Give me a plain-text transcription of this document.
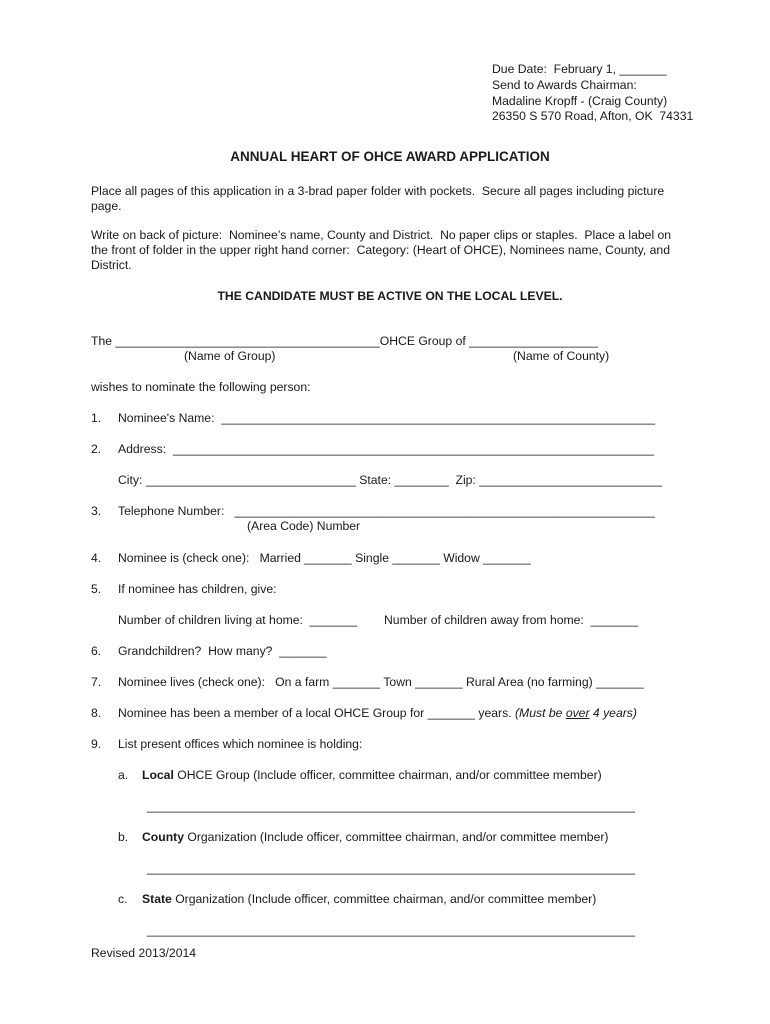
Due Date:  February 1, _______
Send to Awards Chairman:
Madaline Kropff - (Craig County)
26350 S 570 Road, Afton, OK  74331
ANNUAL HEART OF OHCE AWARD APPLICATION
Place all pages of this application in a 3-brad paper folder with pockets.  Secure all pages including picture
page.
Write on back of picture:  Nominee’s name, County and District.  No paper clips or staples.  Place a label on
the front of folder in the upper right hand corner:  Category: (Heart of OHCE), Nominees name, County, and
District.
THE CANDIDATE MUST BE ACTIVE ON THE LOCAL LEVEL.
The _______________________________________OHCE Group of ___________________
(Name of Group)	(Name of County)
wishes to nominate the following person:
1. Nominee's Name:  ________________________________________________________________
2. Address:  _______________________________________________________________________
City: _______________________________ State: ________  Zip: ___________________________
3. Telephone Number:   ______________________________________________________________
(Area Code) Number
4. Nominee is (check one):   Married _______ Single _______ Widow _______
5. If nominee has children, give:
Number of children living at home:  _______ Number of children away from home:  _______
6. Grandchildren?  How many?  _______
7. Nominee lives (check one):   On a farm _______ Town _______ Rural Area (no farming) _______
8. Nominee has been a member of a local OHCE Group for _______ years. (Must be over 4 years)
9. List present offices which nominee is holding:
a. Local OHCE Group (Include officer, committee chairman, and/or committee member)
________________________________________________________________________
b. County Organization (Include officer, committee chairman, and/or committee member)
________________________________________________________________________
c. State Organization (Include officer, committee chairman, and/or committee member)
________________________________________________________________________
Revised 2013/2014
